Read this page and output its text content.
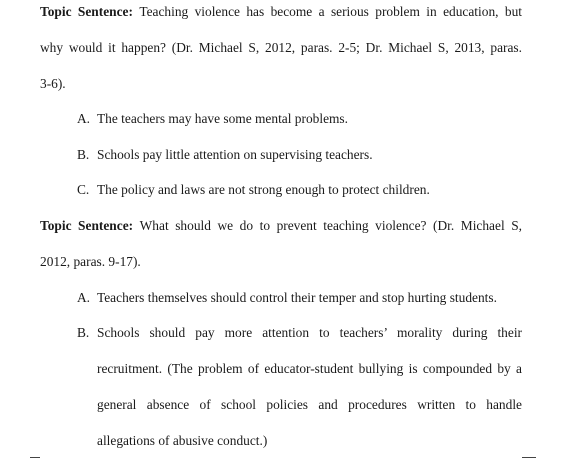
Topic Sentence: Teaching violence has become a serious problem in education, but
why would it happen? (Dr. Michael S, 2012, paras. 2-5; Dr. Michael S, 2013, paras.
3-6).
A. The teachers may have some mental problems.
B. Schools pay little attention on supervising teachers.
C. The policy and laws are not strong enough to protect children.
Topic Sentence: What should we do to prevent teaching violence? (Dr. Michael S,
2012, paras. 9-17).
A. Teachers themselves should control their temper and stop hurting students.
B. Schools should pay more attention to teachers’ morality during their
recruitment. (The problem of educator-student bullying is compounded by a
general absence of school policies and procedures written to handle
allegations of abusive conduct.)
